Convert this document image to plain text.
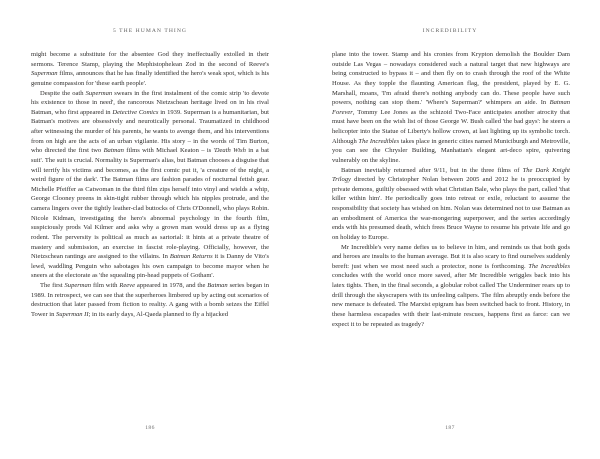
5 THE HUMAN THING

might become a substitute for the absentee God they ineffectually extolled in their sermons. Terence Stamp, playing the Mephistophelean Zod in the second of Reeve's Superman films, announces that he has finally identified the hero's weak spot, which is his genuine compassion for 'these earth people'.

Despite the oath Superman swears in the first instalment of the comic strip 'to devote his existence to those in need', the rancorous Nietzschean heritage lived on in his rival Batman, who first appeared in Detective Comics in 1939. Superman is a humanitarian, but Batman's motives are obsessively and neurotically personal. Traumatized in childhood after witnessing the murder of his parents, he wants to avenge them, and his interventions from on high are the acts of an urban vigilante. His story – in the words of Tim Burton, who directed the first two Batman films with Michael Keaton – is 'Death Wish in a bat suit'. The suit is crucial. Normality is Superman's alias, but Batman chooses a disguise that will terrify his victims and becomes, as the first comic put it, 'a creature of the night, a weird figure of the dark'. The Batman films are fashion parades of nocturnal fetish gear. Michelle Pfeiffer as Catwoman in the third film zips herself into vinyl and wields a whip, George Clooney preens in skin-tight rubber through which his nipples protrude, and the camera lingers over the tightly leather-clad buttocks of Chris O'Donnell, who plays Robin. Nicole Kidman, investigating the hero's abnormal psychology in the fourth film, suspiciously prods Val Kilmer and asks why a grown man would dress up as a flying rodent. The perversity is political as much as sartorial: it hints at a private theatre of mastery and submission, an exercise in fascist role-playing. Officially, however, the Nietzschean rantings are assigned to the villains. In Batman Returns it is Danny de Vito's lewd, waddling Penguin who sabotages his own campaign to become mayor when he sneers at the electorate as 'the squealing pin-head puppets of Gotham'.

The first Superman film with Reeve appeared in 1978, and the Batman series began in 1989. In retrospect, we can see that the superheroes limbered up by acting out scenarios of destruction that later passed from fiction to reality. A gang with a bomb seizes the Eiffel Tower in Superman II; in its early days, Al-Qaeda planned to fly a hijacked

186
INCREDIBILITY

plane into the tower. Stamp and his cronies from Krypton demolish the Boulder Dam outside Las Vegas – nowadays considered such a natural target that new highways are being constructed to bypass it – and then fly on to crash through the roof of the White House. As they topple the flaunting American flag, the president, played by E. G. Marshall, moans, 'I'm afraid there's nothing anybody can do. These people have such powers, nothing can stop them.' 'Where's Superman?' whimpers an aide. In Batman Forever, Tommy Lee Jones as the schizoid Two-Face anticipates another atrocity that must have been on the wish list of those George W. Bush called 'the bad guys': he steers a helicopter into the Statue of Liberty's hollow crown, at last lighting up its symbolic torch. Although The Incredibles takes place in generic cities named Municiburgh and Metroville, you can see the Chrysler Building, Manhattan's elegant art-deco spire, quivering vulnerably on the skyline.

Batman inevitably returned after 9/11, but in the three films of The Dark Knight Trilogy directed by Christopher Nolan between 2005 and 2012 he is preoccupied by private demons, guiltily obsessed with what Christian Bale, who plays the part, called 'that killer within him'. He periodically goes into retreat or exile, reluctant to assume the responsibility that society has wished on him. Nolan was determined not to use Batman as an embodiment of America the war-mongering superpower, and the series accordingly ends with his presumed death, which frees Bruce Wayne to resume his private life and go on holiday to Europe.

Mr Incredible's very name defies us to believe in him, and reminds us that both gods and heroes are insults to the human average. But it is also scary to find ourselves suddenly bereft: just when we most need such a protector, none is forthcoming. The Incredibles concludes with the world once more saved, after Mr Incredible wriggles back into his latex tights. Then, in the final seconds, a globular robot called The Underminer rears up to drill through the skyscrapers with its unfeeling calipers. The film abruptly ends before the new menace is defeated. The Marxist epigram has been switched back to front. History, in these harmless escapades with their last-minute rescues, happens first as farce: can we expect it to be repeated as tragedy?

187
